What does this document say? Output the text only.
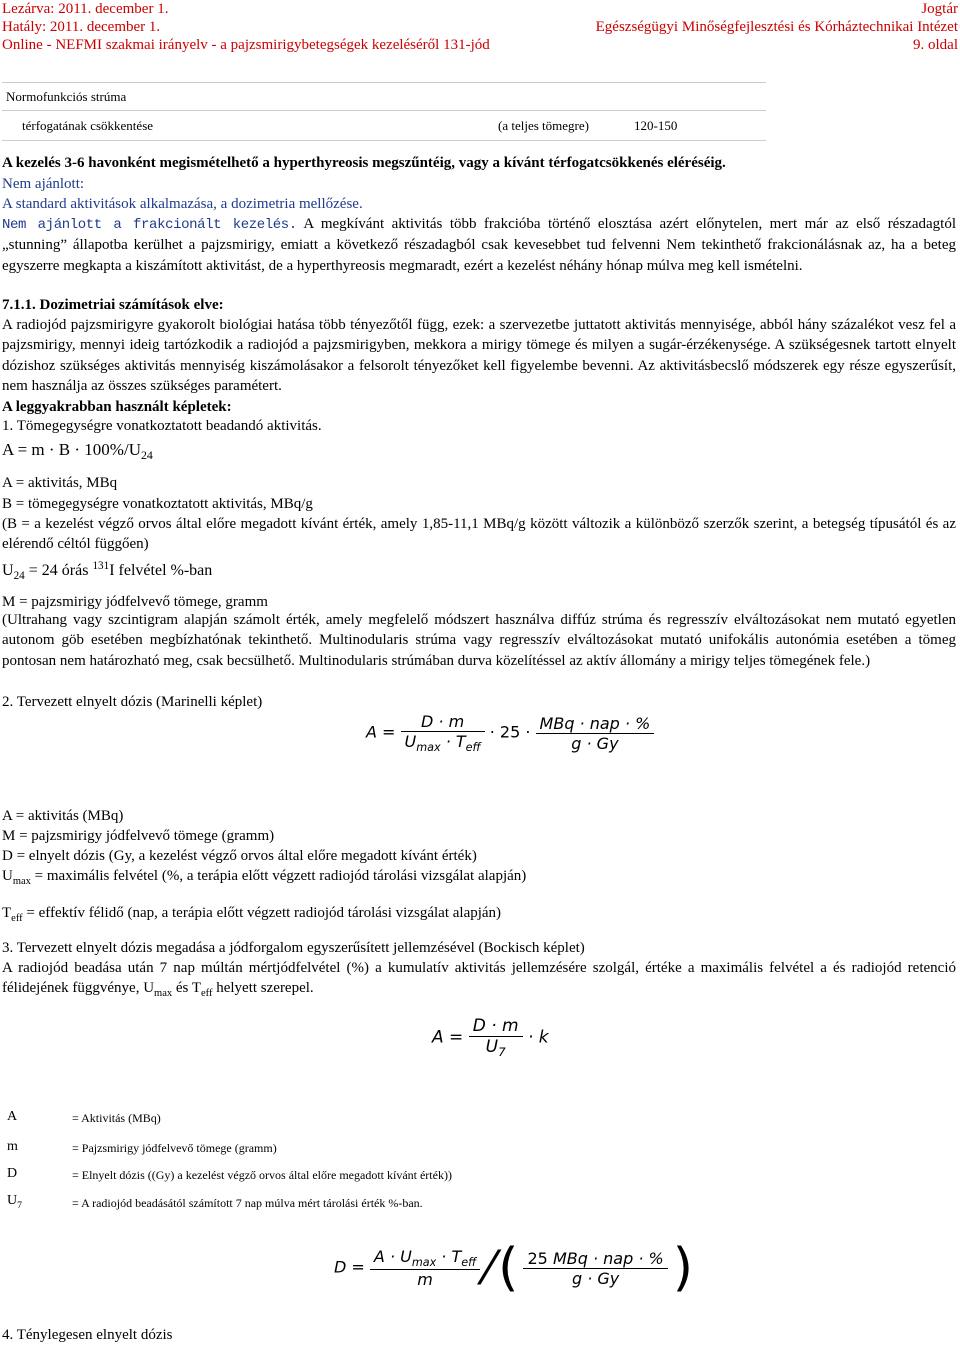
Lezárva: 2011. december 1.
Hatály: 2011. december 1.
Online - NEFMI szakmai irányelv - a pajzsmirigybetegségek kezeléséről 131-jód
Jogtár
Egészségügyi Minőségfejlesztési és Kórháztechnikai Intézet
9. oldal
Normofunkciós strúma
térfogatának csökkentése	(a teljes tömegre)	120-150
A kezelés 3-6 havonként megismételhető a hyperthyreosis megszűntéig, vagy a kívánt térfogatcsökkenés eléréséig.
Nem ajánlott:
A standard aktivitások alkalmazása, a dozimetria mellőzése.
Nem ajánlott a frakcionált kezelés. A megkívánt aktivitás több frakcióba történő elosztása azért előnytelen, mert már az első részadagtól „stunning” állapotba kerülhet a pajzsmirigy, emiatt a következő részadagból csak kevesebbet tud felvenni Nem tekinthető frakcionálásnak az, ha a beteg egyszerre megkapta a kiszámított aktivitást, de a hyperthyreosis megmaradt, ezért a kezelést néhány hónap múlva meg kell ismételni.
7.1.1. Dozimetriai számítások elve:
A radiojód pajzsmirigyre gyakorolt biológiai hatása több tényezőtől függ, ezek: a szervezetbe juttatott aktivitás mennyisége, abból hány százalékot vesz fel a pajzsmirigy, mennyi ideig tartózkodik a radiojód a pajzsmirigyben, mekkora a mirigy tömege és milyen a sugár-érzékenysége. A szükségesnek tartott elnyelt dózishoz szükséges aktivitás mennyiség kiszámolásakor a felsorolt tényezőket kell figyelembe bevenni. Az aktivitásbecslő módszerek egy része egyszerűsít, nem használja az összes szükséges paramétert.
A leggyakrabban használt képletek:
1. Tömegegységre vonatkoztatott beadandó aktivitás.
$A = m \cdot B \cdot 100\%/U_{24}$
A = aktivitás, MBq
B = tömegegységre vonatkoztatott aktivitás, MBq/g
(B = a kezelést végző orvos által előre megadott kívánt érték, amely 1,85-11,1 MBq/g között változik a különböző szerzők szerint, a betegség típusától és az elérendő céltól függően)
$U_{24} = 24$ órás $^{131}$I felvétel %-ban
M = pajzsmirigy jódfelvevő tömege, gramm
(Ultrahang vagy szcintigram alapján számolt érték, amely megfelelő módszert használva diffúz strúma és regresszív elváltozásokat nem mutató egyetlen autonom göb esetében megbízhatónak tekinthető. Multinodularis strúma vagy regresszív elváltozásokat mutató unifokális autonómia esetében a tömeg pontosan nem határozható meg, csak becsülhető. Multinodularis strúmában durva közelítéssel az aktív állomány a mirigy teljes tömegének fele.)
2. Tervezett elnyelt dózis (Marinelli képlet)
$A = \frac{D \cdot m}{U_{max} \cdot T_{eff}} \cdot 25 \cdot \frac{\text{MBq · nap · \%}}{g \cdot Gy}$
A = aktivitás (MBq)
M = pajzsmirigy jódfelvevő tömege (gramm)
D = elnyelt dózis (Gy, a kezelést végző orvos által előre megadott kívánt érték)
$U_{max}$ = maximális felvétel (%, a terápia előtt végzett radiojód tárolási vizsgálat alapján)
$T_{eff}$ = effektív félidő (nap, a terápia előtt végzett radiojód tárolási vizsgálat alapján)
3. Tervezett elnyelt dózis megadása a jódforgalom egyszerűsített jellemzésével (Bockisch képlet)
A radiojód beadása után 7 nap múltán mértjódfelvétel (%) a kumulatív aktivitás jellemzésére szolgál, értéke a maximális felvétel a és radiojód retenció félidejének függvénye, $U_{max}$ és $T_{eff}$ helyett szerepel.
$A = \frac{D \cdot m}{U_7} \cdot k$
A	= Aktivitás (MBq)
m	= Pajzsmirigy jódfelvevő tömege (gramm)
D	= Elnyelt dózis ((Gy) a kezelést végző orvos által előre megadott kívánt érték))
$U_7$	= A radiojód beadásától számított 7 nap múlva mért tárolási érték %-ban.
$D = \frac{A \cdot U_{max} \cdot T_{eff}}{m}$ ⁄ ( $\frac{\text{25 MBq · nap · \%}}{g \cdot Gy}$ )
4. Ténylegesen elnyelt dózis
